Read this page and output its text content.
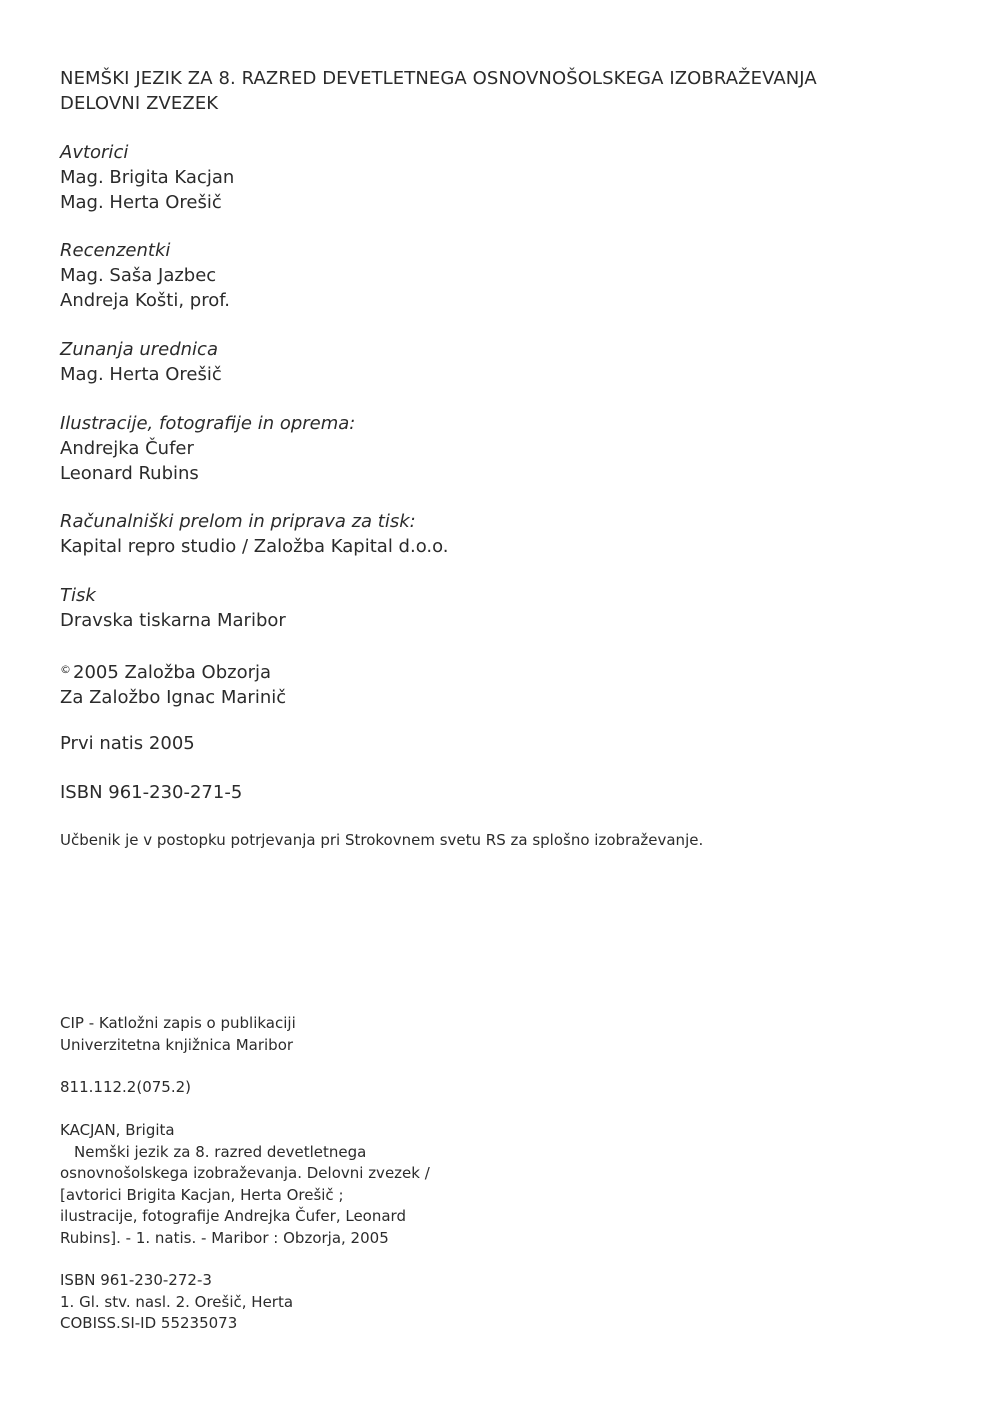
NEMŠKI JEZIK ZA 8. RAZRED DEVETLETNEGA OSNOVNOŠOLSKEGA IZOBRAŽEVANJA
DELOVNI ZVEZEK
Avtorici
Mag. Brigita Kacjan
Mag. Herta Orešič
Recenzentki
Mag. Saša Jazbec
Andreja Košti, prof.
Zunanja urednica
Mag. Herta Orešič
Ilustracije, fotografije in oprema:
Andrejka Čufer
Leonard Rubins
Računalniški prelom in priprava za tisk:
Kapital repro studio / Založba Kapital d.o.o.
Tisk
Dravska tiskarna Maribor
© 2005 Založba Obzorja
Za Založbo Ignac Marinič
Prvi natis 2005
ISBN 961-230-271-5
Učbenik je v postopku potrjevanja pri Strokovnem svetu RS za splošno izobraževanje.
CIP - Katložni zapis o publikaciji
Univerzitetna knjižnica Maribor
811.112.2(075.2)
KACJAN, Brigita
Nemški jezik za 8. razred devetletnega
osnovnošolskega izobraževanja. Delovni zvezek /
[avtorici Brigita Kacjan, Herta Orešič ;
ilustracije, fotografije Andrejka Čufer, Leonard
Rubins]. - 1. natis. - Maribor : Obzorja, 2005
ISBN 961-230-272-3
1. Gl. stv. nasl. 2. Orešič, Herta
COBISS.SI-ID 55235073
